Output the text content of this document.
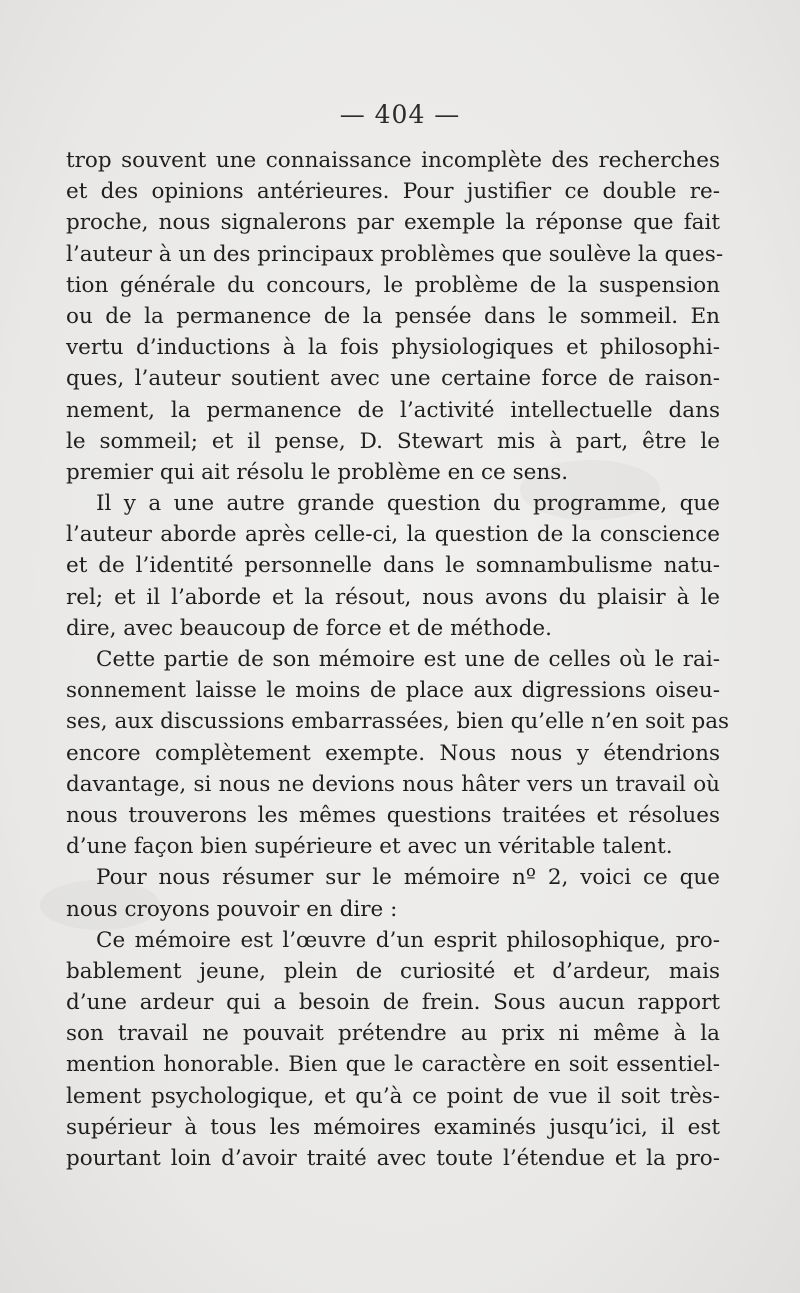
— 404 —
trop souvent une connaissance incomplète des recherches
et des opinions antérieures. Pour justifier ce double re-
proche, nous signalerons par exemple la réponse que fait
l’auteur à un des principaux problèmes que soulève la ques-
tion générale du concours, le problème de la suspension
ou de la permanence de la pensée dans le sommeil. En
vertu d’inductions à la fois physiologiques et philosophi-
ques, l’auteur soutient avec une certaine force de raison-
nement, la permanence de l’activité intellectuelle dans
le sommeil; et il pense, D. Stewart mis à part, être le
premier qui ait résolu le problème en ce sens.
Il y a une autre grande question du programme, que
l’auteur aborde après celle-ci, la question de la conscience
et de l’identité personnelle dans le somnambulisme natu-
rel; et il l’aborde et la résout, nous avons du plaisir à le
dire, avec beaucoup de force et de méthode.
Cette partie de son mémoire est une de celles où le rai-
sonnement laisse le moins de place aux digressions oiseu-
ses, aux discussions embarrassées, bien qu’elle n’en soit pas
encore complètement exempte. Nous nous y étendrions
davantage, si nous ne devions nous hâter vers un travail où
nous trouverons les mêmes questions traitées et résolues
d’une façon bien supérieure et avec un véritable talent.
Pour nous résumer sur le mémoire nº 2, voici ce que
nous croyons pouvoir en dire :
Ce mémoire est l’œuvre d’un esprit philosophique, pro-
bablement jeune, plein de curiosité et d’ardeur, mais
d’une ardeur qui a besoin de frein. Sous aucun rapport
son travail ne pouvait prétendre au prix ni même à la
mention honorable. Bien que le caractère en soit essentiel-
lement psychologique, et qu’à ce point de vue il soit très-
supérieur à tous les mémoires examinés jusqu’ici, il est
pourtant loin d’avoir traité avec toute l’étendue et la pro-
